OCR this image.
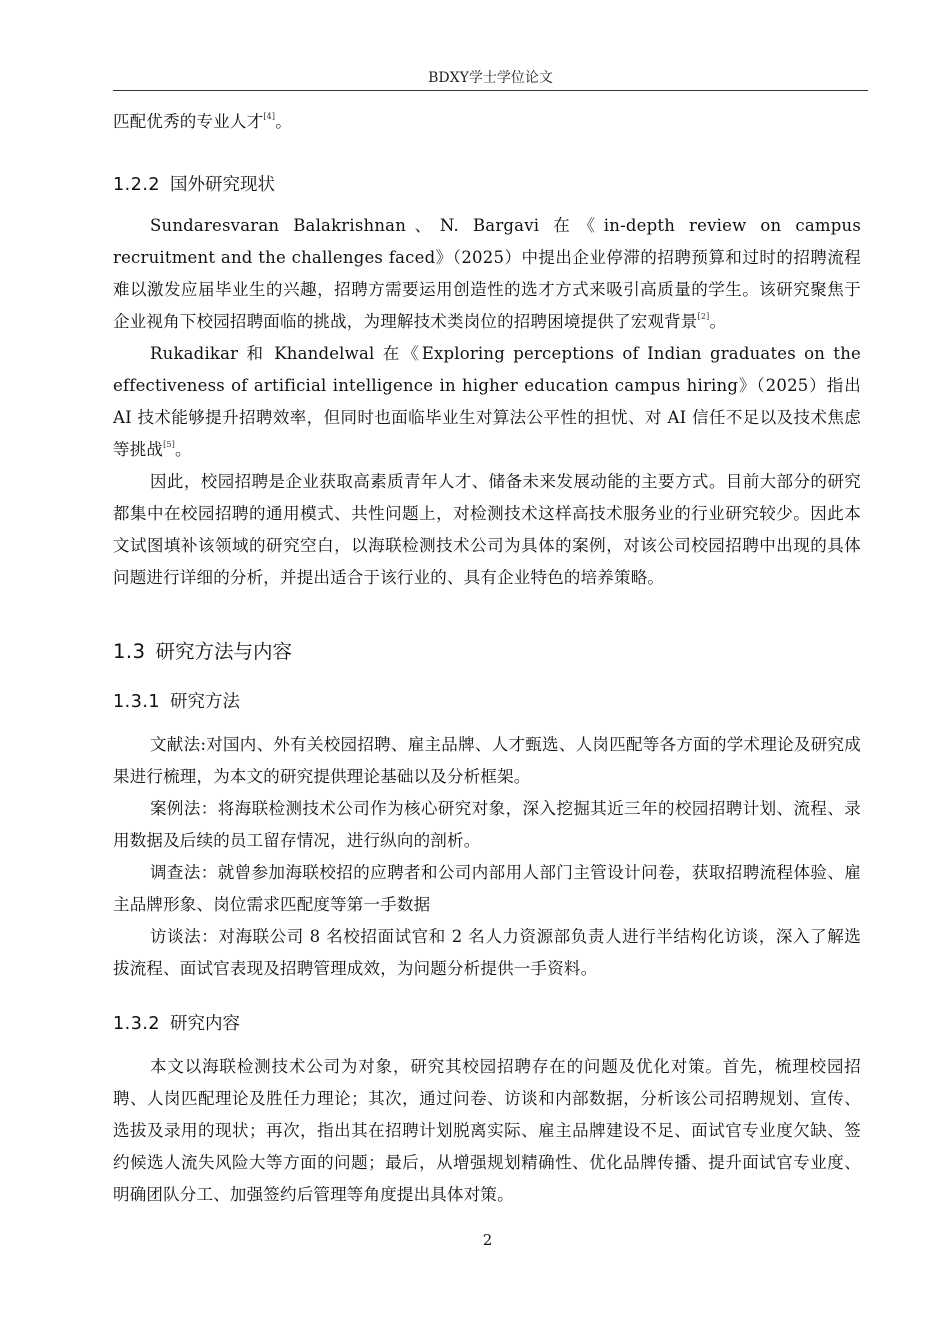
BDXY学士学位论文

匹配优秀的专业人才[4]。

1.2.2 国外研究现状

Sundaresvaran Balakrishnan、N. Bargavi 在《in-depth review on campus recruitment and the challenges faced》（2025）中提出企业停滞的招聘预算和过时的招聘流程难以激发应届毕业生的兴趣，招聘方需要运用创造性的选才方式来吸引高质量的学生。该研究聚焦于企业视角下校园招聘面临的挑战，为理解技术类岗位的招聘困境提供了宏观背景[2]。

Rukadikar 和 Khandelwal 在《Exploring perceptions of Indian graduates on the effectiveness of artificial intelligence in higher education campus hiring》（2025）指出 AI 技术能够提升招聘效率，但同时也面临毕业生对算法公平性的担忧、对 AI 信任不足以及技术焦虑等挑战[5]。

因此，校园招聘是企业获取高素质青年人才、储备未来发展动能的主要方式。目前大部分的研究都集中在校园招聘的通用模式、共性问题上，对检测技术这样高技术服务业的行业研究较少。因此本文试图填补该领域的研究空白，以海联检测技术公司为具体的案例，对该公司校园招聘中出现的具体问题进行详细的分析，并提出适合于该行业的、具有企业特色的培养策略。

1.3 研究方法与内容
1.3.1 研究方法

文献法:对国内、外有关校园招聘、雇主品牌、人才甄选、人岗匹配等各方面的学术理论及研究成果进行梳理，为本文的研究提供理论基础以及分析框架。

案例法：将海联检测技术公司作为核心研究对象，深入挖掘其近三年的校园招聘计划、流程、录用数据及后续的员工留存情况，进行纵向的剖析。

调查法：就曾参加海联校招的应聘者和公司内部用人部门主管设计问卷，获取招聘流程体验、雇主品牌形象、岗位需求匹配度等第一手数据

访谈法：对海联公司 8 名校招面试官和 2 名人力资源部负责人进行半结构化访谈，深入了解选拔流程、面试官表现及招聘管理成效，为问题分析提供一手资料。

1.3.2 研究内容

本文以海联检测技术公司为对象，研究其校园招聘存在的问题及优化对策。首先，梳理校园招聘、人岗匹配理论及胜任力理论；其次，通过问卷、访谈和内部数据，分析该公司招聘规划、宣传、选拔及录用的现状；再次，指出其在招聘计划脱离实际、雇主品牌建设不足、面试官专业度欠缺、签约候选人流失风险大等方面的问题；最后，从增强规划精确性、优化品牌传播、提升面试官专业度、明确团队分工、加强签约后管理等角度提出具体对策。

2
